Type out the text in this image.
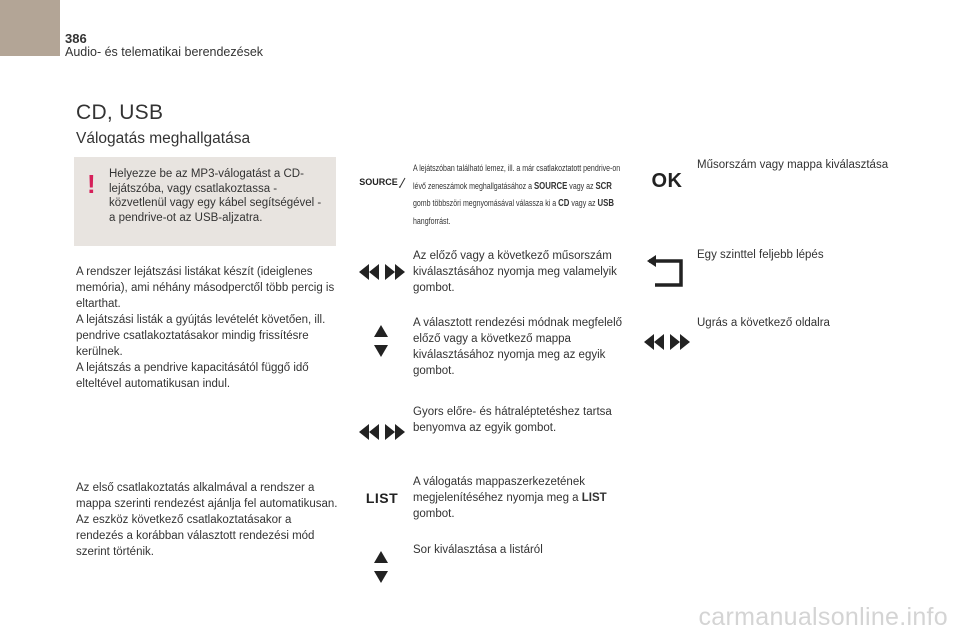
386
Audio- és telematikai berendezések
CD, USB
Válogatás meghallgatása
! Helyezze be az MP3-válogatást a CD-lejátszóba, vagy csatlakoztassa - közvetlenül vagy egy kábel segítségével - a pendrive-ot az USB-aljzatra.
A rendszer lejátszási listákat készít (ideiglenes memória), ami néhány másodperctől több percig is eltarthat.
A lejátszási listák a gyújtás levételét követően, ill. pendrive csatlakoztatásakor mindig frissítésre kerülnek.
A lejátszás a pendrive kapacitásától függő idő elteltével automatikusan indul.
Az első csatlakoztatás alkalmával a rendszer a mappa szerinti rendezést ajánlja fel automatikusan. Az eszköz következő csatlakoztatásakor a rendezés a korábban választott rendezési mód szerint történik.
SOURCE
A lejátszóban található lemez, ill. a már csatlakoztatott pendrive-on lévő zeneszámok meghallgatásához a SOURCE vagy az SCR gomb többszöri megnyomásával válassza ki a CD vagy az USB hangforrást.
Az előző vagy a következő műsorszám kiválasztásához nyomja meg valamelyik gombot.
A választott rendezési módnak megfelelő előző vagy a következő mappa kiválasztásához nyomja meg az egyik gombot.
Gyors előre- és hátraléptetéshez tartsa benyomva az egyik gombot.
LIST
A válogatás mappaszerkezetének megjelenítéséhez nyomja meg a LIST gombot.
Sor kiválasztása a listáról
OK
Műsorszám vagy mappa kiválasztása
Egy szinttel feljebb lépés
Ugrás a következő oldalra
carmanualsonline.info
